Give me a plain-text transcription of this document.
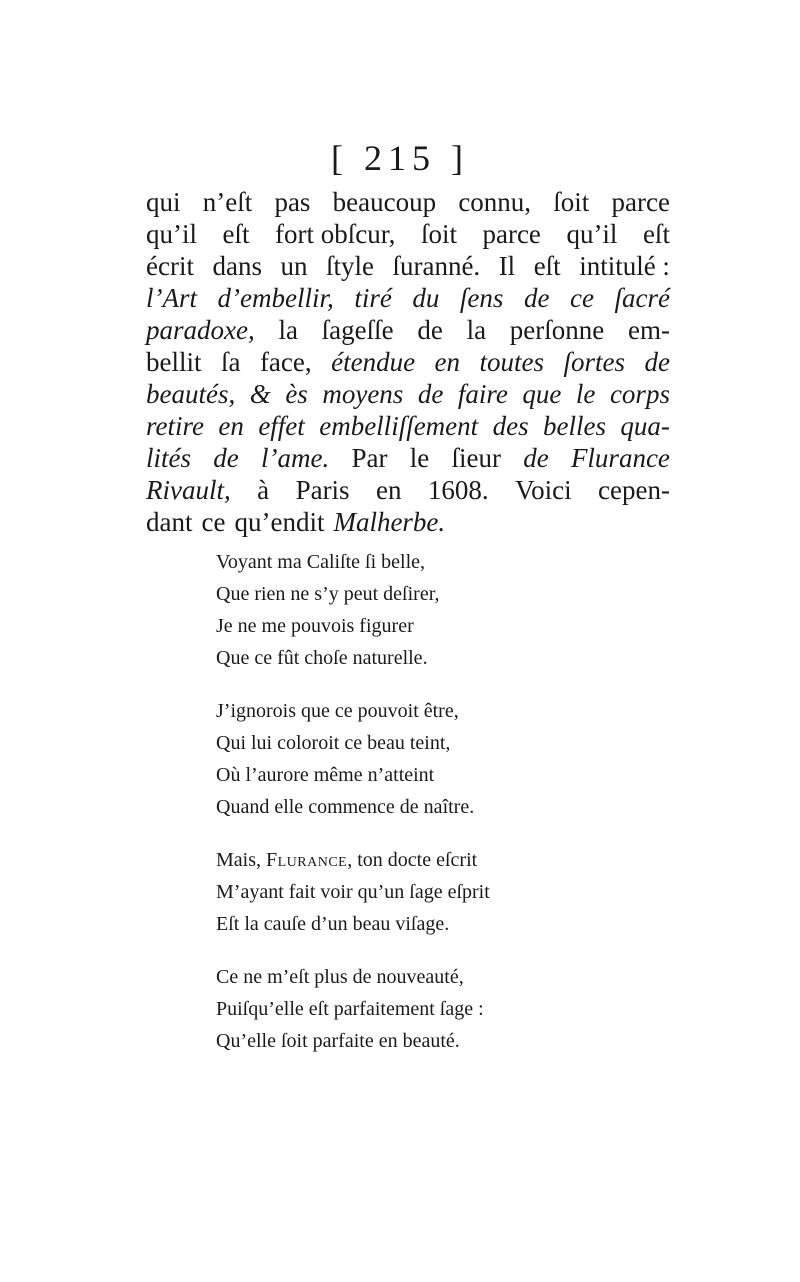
[ 215 ]
qui n’eſt pas beaucoup connu, ſoit parce
qu’il eſt fort obſcur, ſoit parce qu’il eſt
écrit dans un ſtyle ſuranné. Il eſt intitulé :
l’Art d’embellir, tiré du ſens de ce ſacré
paradoxe, la ſageſſe de la perſonne em-
bellit ſa face, étendue en toutes ſortes de
beautés, & ès moyens de faire que le corps
retire en effet embelliſſement des belles qua-
lités de l’ame. Par le ſieur de Flurance
Rivault, à Paris en 1608. Voici cepen-
dant ce qu’endit Malherbe.
Voyant ma Caliſte ſi belle,
Que rien ne s’y peut deſirer,
Je ne me pouvois figurer
Que ce fût choſe naturelle.
J’ignorois que ce pouvoit être,
Qui lui coloroit ce beau teint,
Où l’aurore même n’atteint
Quand elle commence de naître.
Mais, Flurance, ton docte eſcrit
M’ayant fait voir qu’un ſage eſprit
Eſt la cauſe d’un beau viſage.
Ce ne m’eſt plus de nouveauté,
Puiſqu’elle eſt parfaitement ſage :
Qu’elle ſoit parfaite en beauté.
